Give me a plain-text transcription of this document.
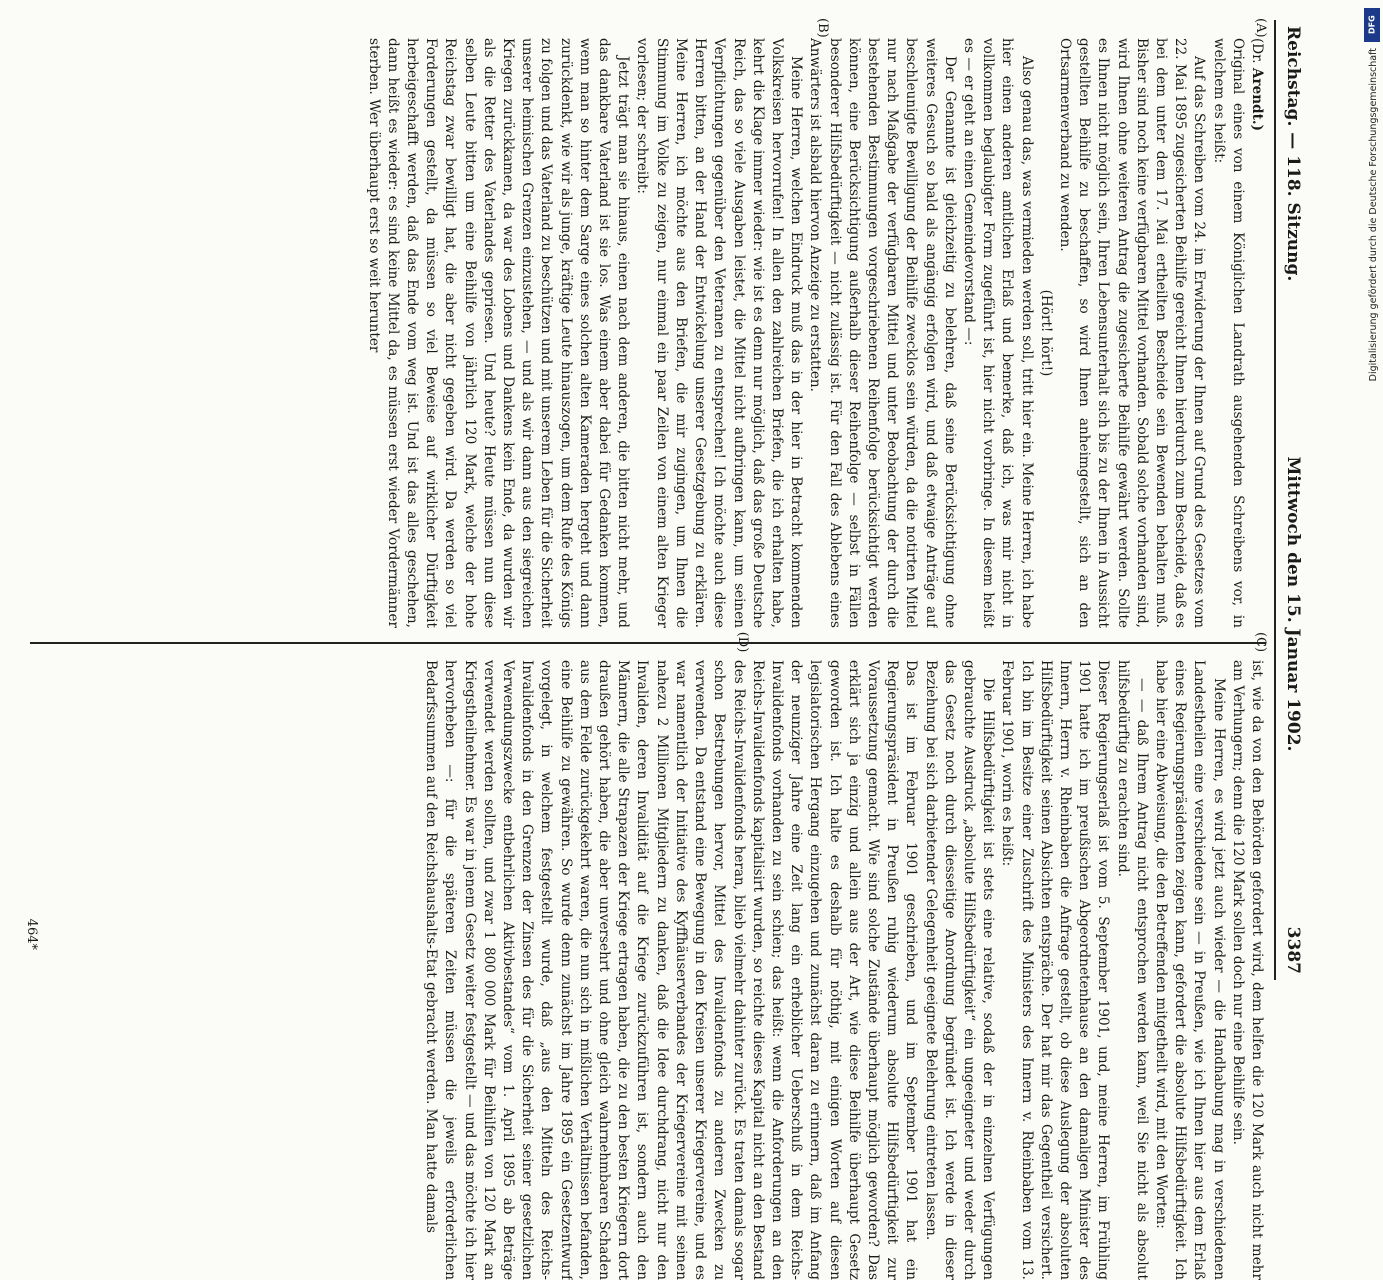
Reichstag. — 118. Sitzung.
Mittwoch den 15. Januar 1902.
3387
(A)
(B)
(C)
(D)

(Dr. Arendt.)

Original eines von einem Königlichen Landrath ausgehenden Schreibens vor, in welchem es heißt:

Auf das Schreiben vom 24. im Erwiderung der Ihnen auf Grund des Gesetzes vom 22. Mai 1895 zugesicherten Beihilfe gereicht Ihnen hierdurch zum Bescheide, daß es bei dem unter dem 17. Mai ertheilten Bescheide sein Bewenden behalten muß. Bisher sind noch keine verfügbaren Mittel vorhanden. Sobald solche vorhanden sind, wird Ihnen ohne weiteren Antrag die zugesicherte Beihilfe gewährt werden. Sollte es Ihnen nicht möglich sein, Ihren Lebensunterhalt sich bis zu der Ihnen in Aussicht gestellten Beihilfe zu beschaffen, so wird Ihnen anheimgestellt, sich an den Ortsarmenverband zu wenden.

(Hört! hört!)

Also genau das, was vermieden werden soll, tritt hier ein. Meine Herren, ich habe hier einen anderen amtlichen Erlaß und bemerke, daß ich, was mir nicht in vollkommen beglaubigter Form zugeführt ist, hier nicht vorbringe. In diesem heißt es — er geht an einen Gemeindevorstand —:

Der Genannte ist gleichzeitig zu belehren, daß seine Berücksichtigung ohne weiteres Gesuch so bald als angängig erfolgen wird, und daß etwaige Anträge auf beschleunigte Bewilligung der Beihilfe zwecklos sein würden, da die notirten Mittel nur nach Maßgabe der verfügbaren Mittel und unter Beobachtung der durch die bestehenden Bestimmungen vorgeschriebenen Reihenfolge berücksichtigt werden können, eine Berücksichtigung außerhalb dieser Reihenfolge — selbst in Fällen besonderer Hilfsbedürftigkeit — nicht zulässig ist. Für den Fall des Ablebens eines Anwärters ist alsbald hiervon Anzeige zu erstatten.

Meine Herren, welchen Eindruck muß das in der hier in Betracht kommenden Volkskreisen hervorrufen! In allen den zahlreichen Briefen, die ich erhalten habe, kehrt die Klage immer wieder: wie ist es denn nur möglich, daß das große Deutsche Reich, das so viele Ausgaben leistet, die Mittel nicht aufbringen kann, um seinen Verpflichtungen gegenüber den Veteranen zu entsprechen! Ich möchte auch diese Herren bitten, an der Hand der Entwickelung unserer Gesetzgebung zu erklären. Meine Herren, ich möchte aus den Briefen, die mir zugingen, um Ihnen die Stimmung im Volke zu zeigen, nur einmal ein paar Zeilen von einem alten Krieger vorlesen; der schreibt:

Jetzt trägt man sie hinaus, einen nach dem anderen, die bitten nicht mehr, und das dankbare Vaterland ist sie los. Was einem aber dabei für Gedanken kommen, wenn man so hinter dem Sarge eines solchen alten Kameraden hergeht und dann zurückdenkt, wie wir als junge, kräftige Leute hinauszogen, um dem Rufe des Königs zu folgen und das Vaterland zu beschützen und mit unserem Leben für die Sicherheit unserer heimischen Grenzen einzustehen, — und als wir dann aus den siegreichen Kriegen zurückkamen, da war des Lobens und Dankens kein Ende, da wurden wir als die Retter des Vaterlandes gepriesen. Und heute? Heute müssen nun diese selben Leute bitten um eine Beihilfe von jährlich 120 Mark, welche der hohe Reichstag zwar bewilligt hat, die aber nicht gegeben wird. Da werden so viel Forderungen gestellt, da müssen so viel Beweise auf wirklicher Dürftigkeit herbeigeschafft werden, daß das Ende vom weg ist. Und ist das alles geschehen, dann heißt es wieder: es sind keine Mittel da, es müssen erst wieder Vordermänner sterben. Wer überhaupt erst so weit herunter

ist, wie da von den Behörden gefordert wird, dem helfen die 120 Mark auch nicht mehr am Verhungern; denn die 120 Mark sollen doch nur eine Beihilfe sein.

Meine Herren, es wird jetzt auch wieder — die Handhabung mag in verschiedenen Landestheilen eine verschiedene sein — in Preußen, wie ich Ihnen hier aus dem Erlaß eines Regierungspräsidenten zeigen kann, gefordert die absolute Hilfsbedürftigkeit. Ich habe hier eine Abweisung, die den Betreffenden mitgetheilt wird, mit den Worten:

— — daß Ihrem Antrag nicht entsprochen werden kann, weil Sie nicht als absolut hilfsbedürftig zu erachten sind.

Dieser Regierungserlaß ist vom 5. September 1901, und, meine Herren, im Frühling 1901 hatte ich im preußischen Abgeordnetenhause an den damaligen Minister des Innern, Herrn v. Rheinbaben die Anfrage gestellt, ob diese Auslegung der absoluten Hilfsbedürftigkeit seinen Absichten entspräche. Der hat mir das Gegentheil versichert. Ich bin im Besitze einer Zuschrift des Ministers des Innern v. Rheinbaben vom 13. Februar 1901, worin es heißt:

Die Hilfsbedürftigkeit ist stets eine relative, sodaß der in einzelnen Verfügungen gebrauchte Ausdruck „absolute Hilfsbedürftigkeit“ ein ungeeigneter und weder durch das Gesetz noch durch diesseitige Anordnung begründet ist. Ich werde in dieser Beziehung bei sich darbietender Gelegenheit geeignete Belehrung eintreten lassen.

Das ist im Februar 1901 geschrieben, und im September 1901 hat ein Regierungspräsident in Preußen ruhig wiederum absolute Hilfsbedürftigkeit zur Voraussetzung gemacht. Wie sind solche Zustände überhaupt möglich geworden? Das erklärt sich ja einzig und allein aus der Art, wie diese Beihilfe überhaupt Gesetz geworden ist. Ich halte es deshalb für nöthig, mit einigen Worten auf diesen legislatorischen Hergang einzugehen und zunächst daran zu erinnern, daß im Anfang der neunziger Jahre eine Zeit lang ein erheblicher Ueberschuß in dem Reichs-Invalidenfonds vorhanden zu sein schien; das heißt: wenn die Anforderungen an den Reichs-Invalidenfonds kapitalisirt wurden, so reichte dieses Kapital nicht an den Bestand des Reichs-Invalidenfonds heran, blieb vielmehr dahinter zurück. Es traten damals sogar schon Bestrebungen hervor, Mittel des Invalidenfonds zu anderen Zwecken zu verwenden. Da entstand eine Bewegung in den Kreisen unserer Kriegervereine, und es war namentlich der Initiative des Kyffhäuserverbandes der Kriegervereine mit seinen nahezu 2 Millionen Mitgliedern zu danken, daß die Idee durchdrang, nicht nur den Invaliden, deren Invalidität auf die Kriege zurückzuführen ist, sondern auch den Männern, die alle Strapazen der Kriege ertragen haben, die zu den besten Kriegern dort draußen gehört haben, die aber unversehrt und ohne gleich wahrnehmbaren Schaden aus dem Felde zurückgekehrt waren, die nun sich in mißlichen Verhältnissen befanden, eine Beihilfe zu gewähren. So wurde denn zunächst im Jahre 1895 ein Gesetzentwurf vorgelegt, in welchem festgestellt wurde, daß „aus den Mitteln des Reichs-Invalidenfonds in den Grenzen der Zinsen des für die Sicherheit seiner gesetzlichen Verwendungszwecke entbehrlichen Aktivbestandes“ vom 1. April 1895 ab Beträge verwendet werden sollten, und zwar 1 800 000 Mark für Beihilfen von 120 Mark an Kriegstheilnehmer. Es war in jenem Gesetz weiter festgestellt — und das möchte ich hier hervorheben —: für die späteren Zeiten müssen die jeweils erforderlichen Bedarfssummen auf den Reichshaushalts-Etat gebracht werden. Man hatte damals

464*
DFG
Digitalisierung gefördert durch die Deutsche Forschungsgemeinschaft
